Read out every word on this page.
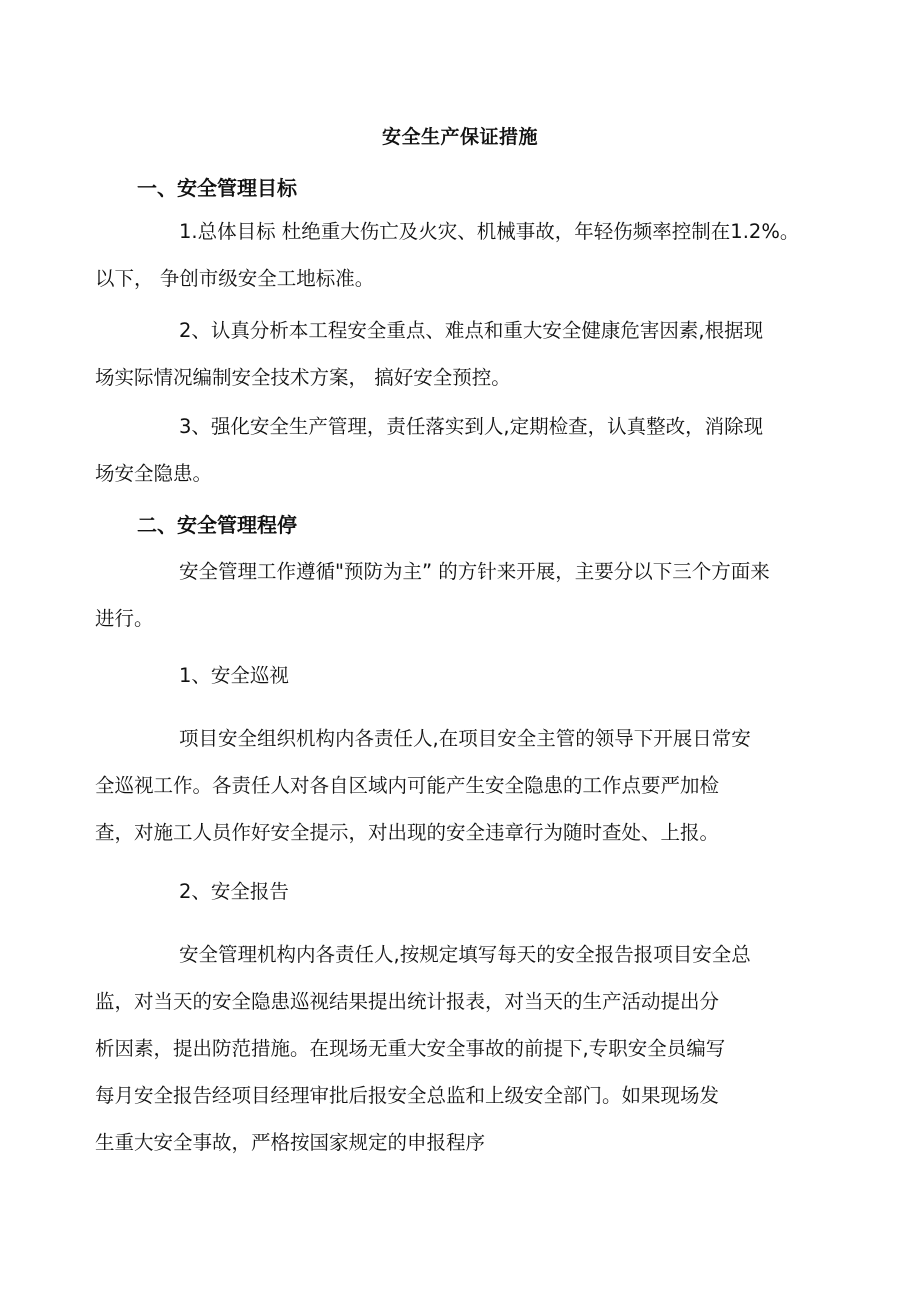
安全生产保证措施
一、安全管理目标

1.总体目标 杜绝重大伤亡及火灾、机械事故，年轻伤频率控制在1.2%。
以下， 争创市级安全工地标准。

2、认真分析本工程安全重点、难点和重大安全健康危害因素,根据现
场实际情况编制安全技术方案， 搞好安全预控。

3、强化安全生产管理，责任落实到人,定期检查，认真整改，消除现
场安全隐患。

二、安全管理程停

安全管理工作遵循"预防为主” 的方针来开展，主要分以下三个方面来
进行。

1、安全巡视

项目安全组织机构内各责任人,在项目安全主管的领导下开展日常安
全巡视工作。各责任人对各自区域内可能产生安全隐患的工作点要严加检
查，对施工人员作好安全提示，对出现的安全违章行为随时查处、上报。

2、安全报告

安全管理机构内各责任人,按规定填写每天的安全报告报项目安全总
监，对当天的安全隐患巡视结果提出统计报表，对当天的生产活动提出分
析因素，提出防范措施。在现场无重大安全事故的前提下,专职安全员编写
每月安全报告经项目经理审批后报安全总监和上级安全部门。如果现场发
生重大安全事故，严格按国家规定的申报程序
